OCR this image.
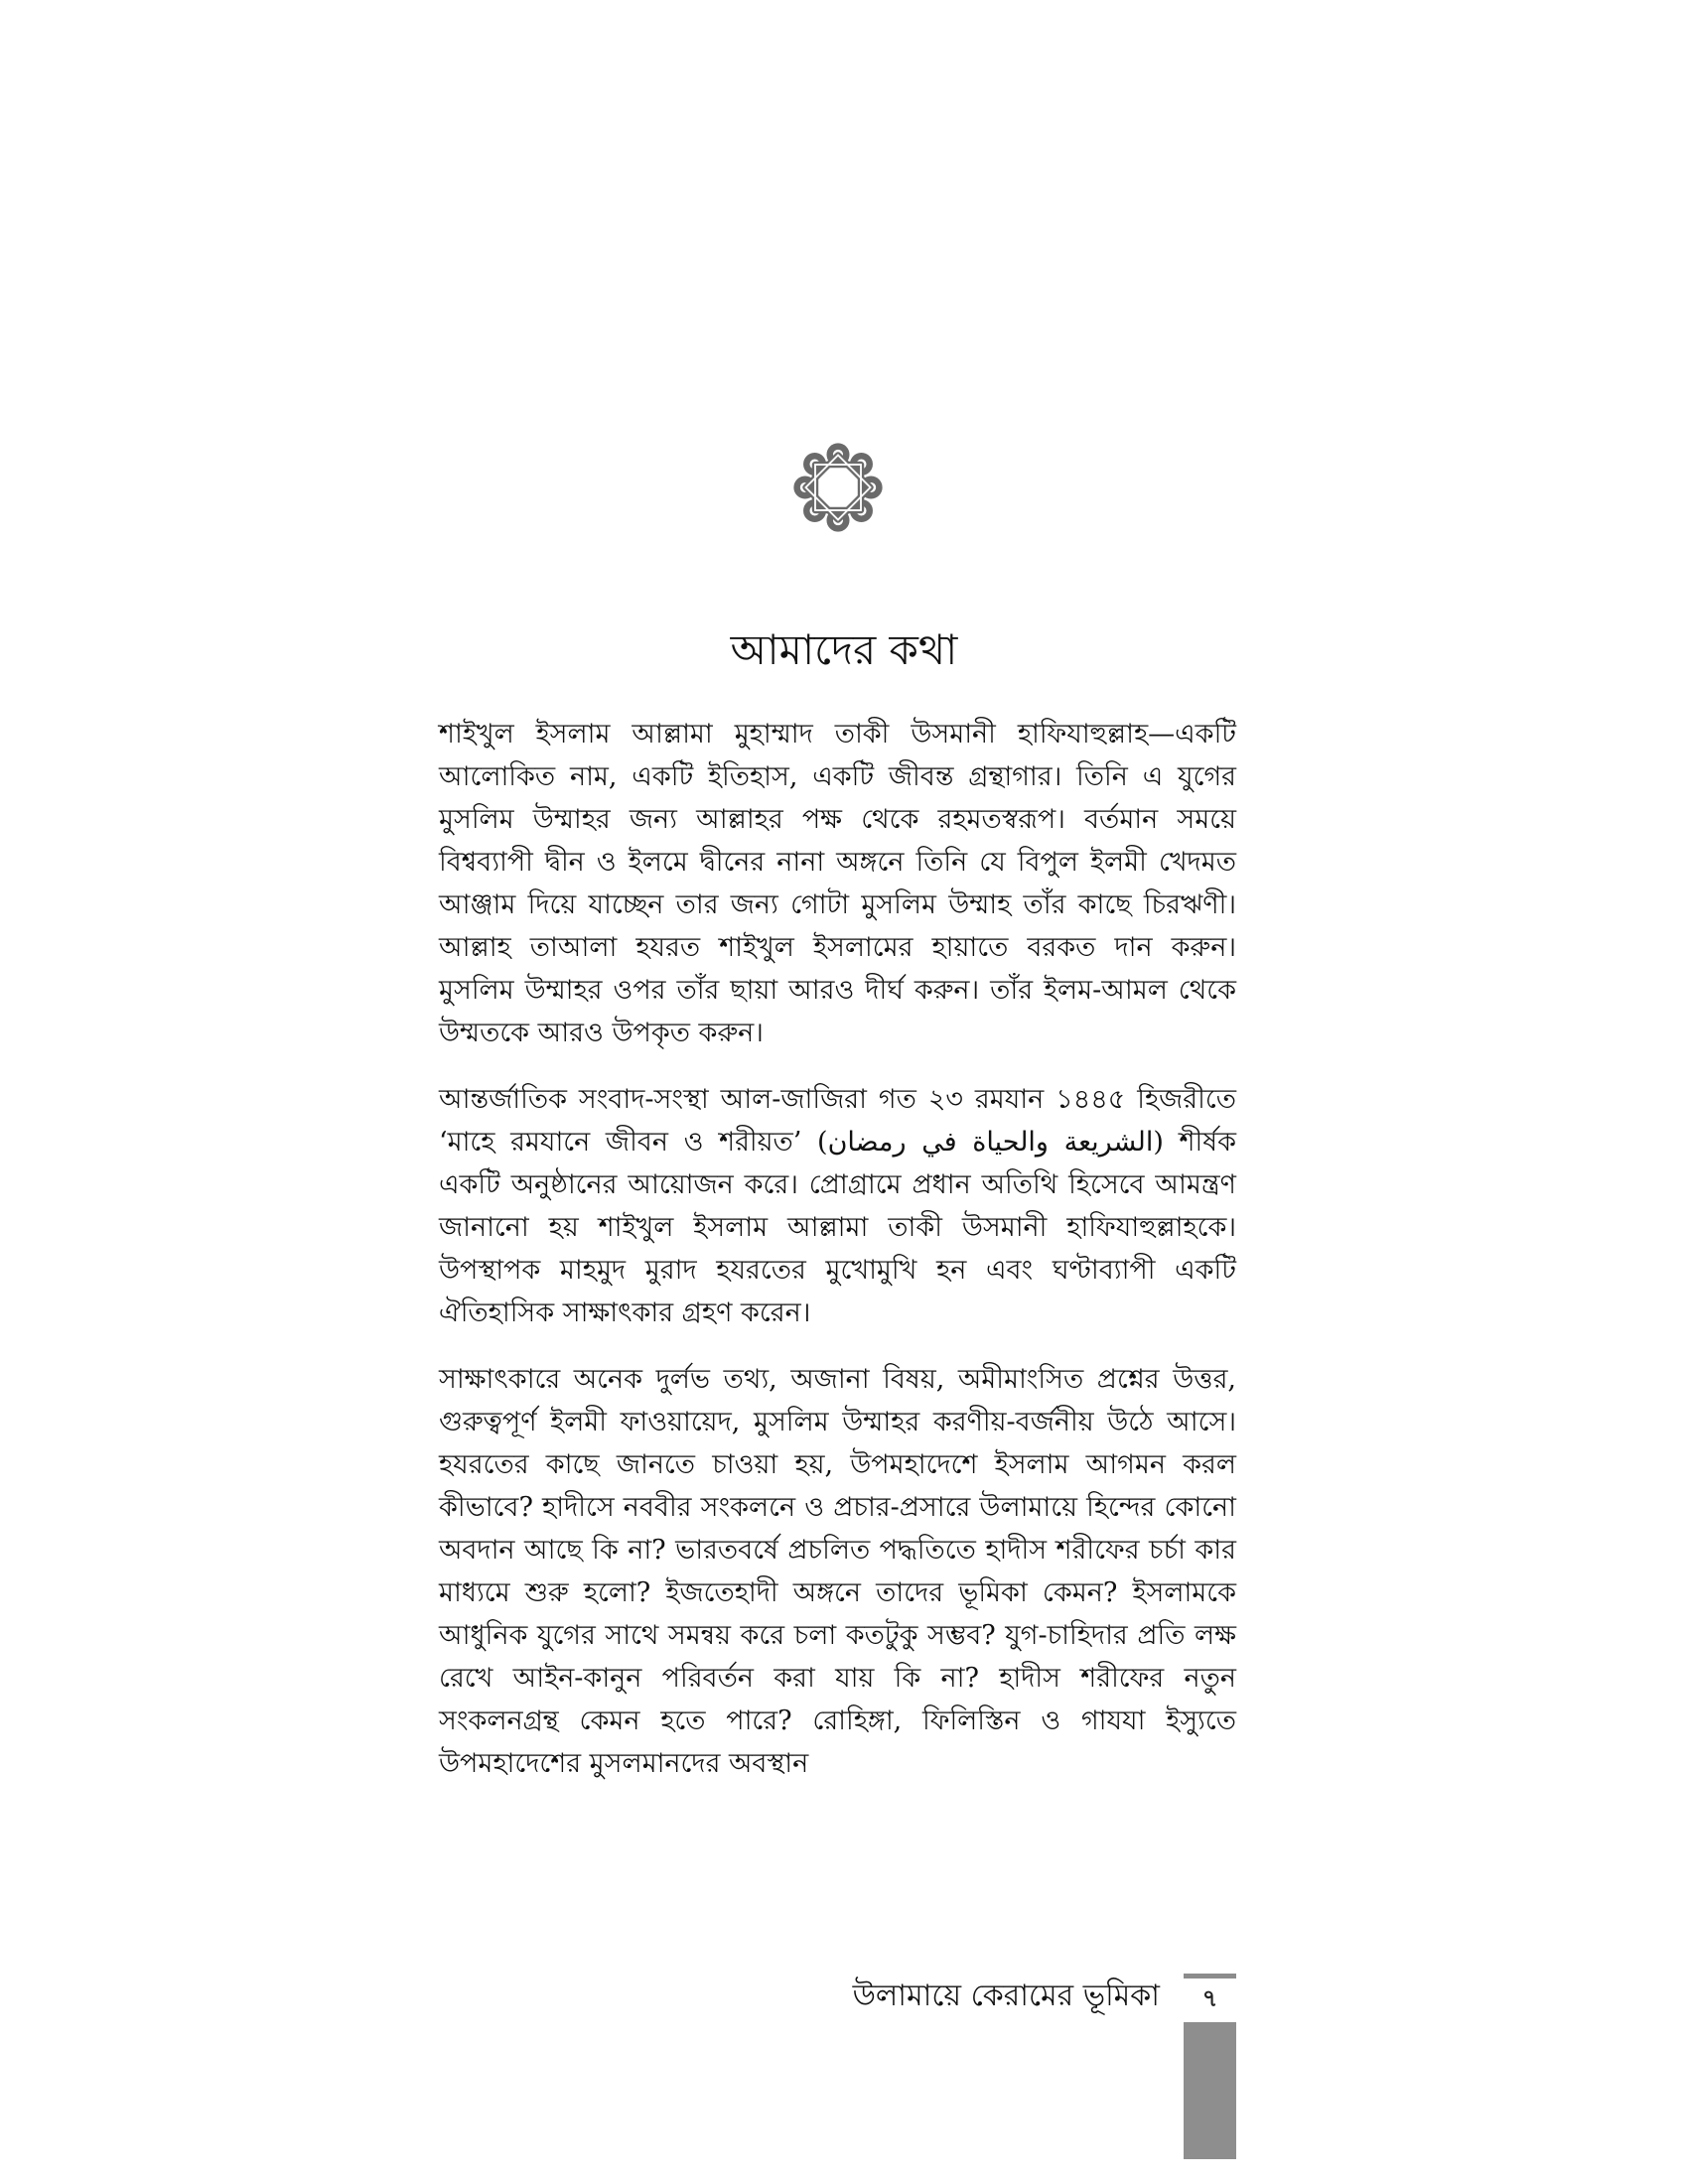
আমাদের কথা

শাইখুল ইসলাম আল্লামা মুহাম্মাদ তাকী উসমানী হাফিযাহুল্লাহ—একটি আলোকিত নাম, একটি ইতিহাস, একটি জীবন্ত গ্রন্থাগার। তিনি এ যুগের মুসলিম উম্মাহর জন্য আল্লাহর পক্ষ থেকে রহমতস্বরূপ। বর্তমান সময়ে বিশ্বব্যাপী দ্বীন ও ইলমে দ্বীনের নানা অঙ্গনে তিনি যে বিপুল ইলমী খেদমত আঞ্জাম দিয়ে যাচ্ছেন তার জন্য গোটা মুসলিম উম্মাহ তাঁর কাছে চিরঋণী। আল্লাহ তাআলা হযরত শাইখুল ইসলামের হায়াতে বরকত দান করুন। মুসলিম উম্মাহর ওপর তাঁর ছায়া আরও দীর্ঘ করুন। তাঁর ইলম-আমল থেকে উম্মতকে আরও উপকৃত করুন।

আন্তর্জাতিক সংবাদ-সংস্থা আল-জাজিরা গত ২৩ রমযান ১৪৪৫ হিজরীতে ‘মাহে রমযানে জীবন ও শরীয়ত’ (الشريعة والحياة في رمضان) শীর্ষক একটি অনুষ্ঠানের আয়োজন করে। প্রোগ্রামে প্রধান অতিথি হিসেবে আমন্ত্রণ জানানো হয় শাইখুল ইসলাম আল্লামা তাকী উসমানী হাফিযাহুল্লাহকে। উপস্থাপক মাহমুদ মুরাদ হযরতের মুখোমুখি হন এবং ঘণ্টাব্যাপী একটি ঐতিহাসিক সাক্ষাৎকার গ্রহণ করেন।

সাক্ষাৎকারে অনেক দুর্লভ তথ্য, অজানা বিষয়, অমীমাংসিত প্রশ্নের উত্তর, গুরুত্বপূর্ণ ইলমী ফাওয়ায়েদ, মুসলিম উম্মাহর করণীয়-বর্জনীয় উঠে আসে। হযরতের কাছে জানতে চাওয়া হয়, উপমহাদেশে ইসলাম আগমন করল কীভাবে? হাদীসে নববীর সংকলনে ও প্রচার-প্রসারে উলামায়ে হিন্দের কোনো অবদান আছে কি না? ভারতবর্ষে প্রচলিত পদ্ধতিতে হাদীস শরীফের চর্চা কার মাধ্যমে শুরু হলো? ইজতেহাদী অঙ্গনে তাদের ভূমিকা কেমন? ইসলামকে আধুনিক যুগের সাথে সমন্বয় করে চলা কতটুকু সম্ভব? যুগ-চাহিদার প্রতি লক্ষ রেখে আইন-কানুন পরিবর্তন করা যায় কি না? হাদীস শরীফের নতুন সংকলনগ্রন্থ কেমন হতে পারে? রোহিঙ্গা, ফিলিস্তিন ও গাযযা ইস্যুতে উপমহাদেশের মুসলমানদের অবস্থান

উলামায়ে কেরামের ভূমিকা	৭
